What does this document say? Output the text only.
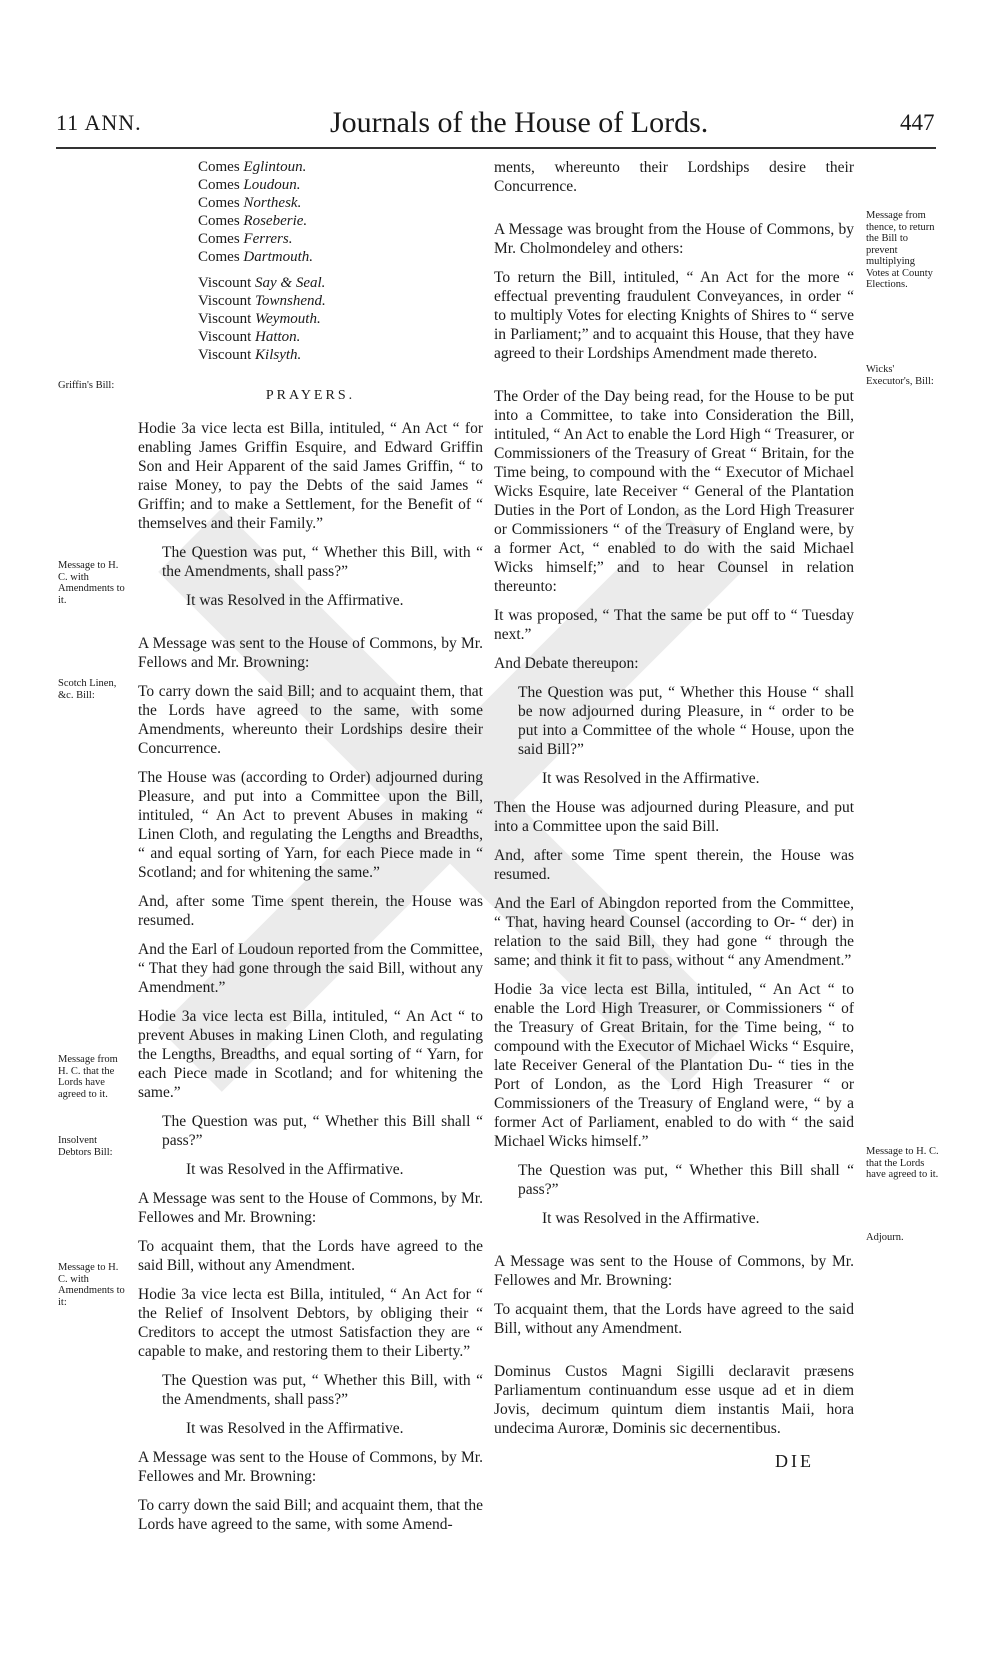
11 ANN.	Journals of the House of Lords.	447
Griffin's Bill:
Message to H. C. with Amendments to it.
Scotch Linen, &c. Bill:
Message from H. C. that the Lords have agreed to it.
Insolvent Debtors Bill:
Message to H. C. with Amendments to it:
Message from thence, to return the Bill to prevent multiplying Votes at County Elections.
Wicks' Executor's, Bill:
Message to H. C. that the Lords have agreed to it.
Adjourn.
Comes Eglintoun.
Comes Loudoun.
Comes Northesk.
Comes Roseberie.
Comes Ferrers.
Comes Dartmouth.
Viscount Say & Seal.
Viscount Townshend.
Viscount Weymouth.
Viscount Hatton.
Viscount Kilsyth.
PRAYERS.

Hodie 3a vice lecta est Billa, intituled, “ An Act “ for enabling James Griffin Esquire, and Edward Griffin Son and Heir Apparent of the said James Griffin, “ to raise Money, to pay the Debts of the said James “ Griffin; and to make a Settlement, for the Benefit of “ themselves and their Family.”

The Question was put, “ Whether this Bill, with “ the Amendments, shall pass?”

It was Resolved in the Affirmative.

A Message was sent to the House of Commons, by Mr. Fellows and Mr. Browning:

To carry down the said Bill; and to acquaint them, that the Lords have agreed to the same, with some Amendments, whereunto their Lordships desire their Concurrence.

The House was (according to Order) adjourned during Pleasure, and put into a Committee upon the Bill, intituled, “ An Act to prevent Abuses in making “ Linen Cloth, and regulating the Lengths and Breadths, “ and equal sorting of Yarn, for each Piece made in “ Scotland; and for whitening the same.”

And, after some Time spent therein, the House was resumed.

And the Earl of Loudoun reported from the Committee, “ That they had gone through the said Bill, without any Amendment.”

Hodie 3a vice lecta est Billa, intituled, “ An Act “ to prevent Abuses in making Linen Cloth, and regulating the Lengths, Breadths, and equal sorting of “ Yarn, for each Piece made in Scotland; and for whitening the same.”

The Question was put, “ Whether this Bill shall “ pass?”

It was Resolved in the Affirmative.

A Message was sent to the House of Commons, by Mr. Fellowes and Mr. Browning:

To acquaint them, that the Lords have agreed to the said Bill, without any Amendment.

Hodie 3a vice lecta est Billa, intituled, “ An Act for “ the Relief of Insolvent Debtors, by obliging their “ Creditors to accept the utmost Satisfaction they are “ capable to make, and restoring them to their Liberty.”

The Question was put, “ Whether this Bill, with “ the Amendments, shall pass?”

It was Resolved in the Affirmative.

A Message was sent to the House of Commons, by Mr. Fellowes and Mr. Browning:

To carry down the said Bill; and acquaint them, that the Lords have agreed to the same, with some Amend-

ments, whereunto their Lordships desire their Concurrence.

A Message was brought from the House of Commons, by Mr. Cholmondeley and others:

To return the Bill, intituled, “ An Act for the more “ effectual preventing fraudulent Conveyances, in order “ to multiply Votes for electing Knights of Shires to “ serve in Parliament;” and to acquaint this House, that they have agreed to their Lordships Amendment made thereto.

The Order of the Day being read, for the House to be put into a Committee, to take into Consideration the Bill, intituled, “ An Act to enable the Lord High “ Treasurer, or Commissioners of the Treasury of Great “ Britain, for the Time being, to compound with the “ Executor of Michael Wicks Esquire, late Receiver “ General of the Plantation Duties in the Port of London, as the Lord High Treasurer or Commissioners “ of the Treasury of England were, by a former Act, “ enabled to do with the said Michael Wicks himself;” and to hear Counsel in relation thereunto:

It was proposed, “ That the same be put off to “ Tuesday next.”

And Debate thereupon:

The Question was put, “ Whether this House “ shall be now adjourned during Pleasure, in “ order to be put into a Committee of the whole “ House, upon the said Bill?”

It was Resolved in the Affirmative.

Then the House was adjourned during Pleasure, and put into a Committee upon the said Bill.

And, after some Time spent therein, the House was resumed.

And the Earl of Abingdon reported from the Committee, “ That, having heard Counsel (according to Or- “ der) in relation to the said Bill, they had gone “ through the same; and think it fit to pass, without “ any Amendment.”

Hodie 3a vice lecta est Billa, intituled, “ An Act “ to enable the Lord High Treasurer, or Commissioners “ of the Treasury of Great Britain, for the Time being, “ to compound with the Executor of Michael Wicks “ Esquire, late Receiver General of the Plantation Du- “ ties in the Port of London, as the Lord High Treasurer “ or Commissioners of the Treasury of England were, “ by a former Act of Parliament, enabled to do with “ the said Michael Wicks himself.”

The Question was put, “ Whether this Bill shall “ pass?”

It was Resolved in the Affirmative.

A Message was sent to the House of Commons, by Mr. Fellowes and Mr. Browning:

To acquaint them, that the Lords have agreed to the said Bill, without any Amendment.

Dominus Custos Magni Sigilli declaravit præsens Parliamentum continuandum esse usque ad et in diem Jovis, decimum quintum diem instantis Maii, hora undecima Auroræ, Dominis sic decernentibus.

DIE
